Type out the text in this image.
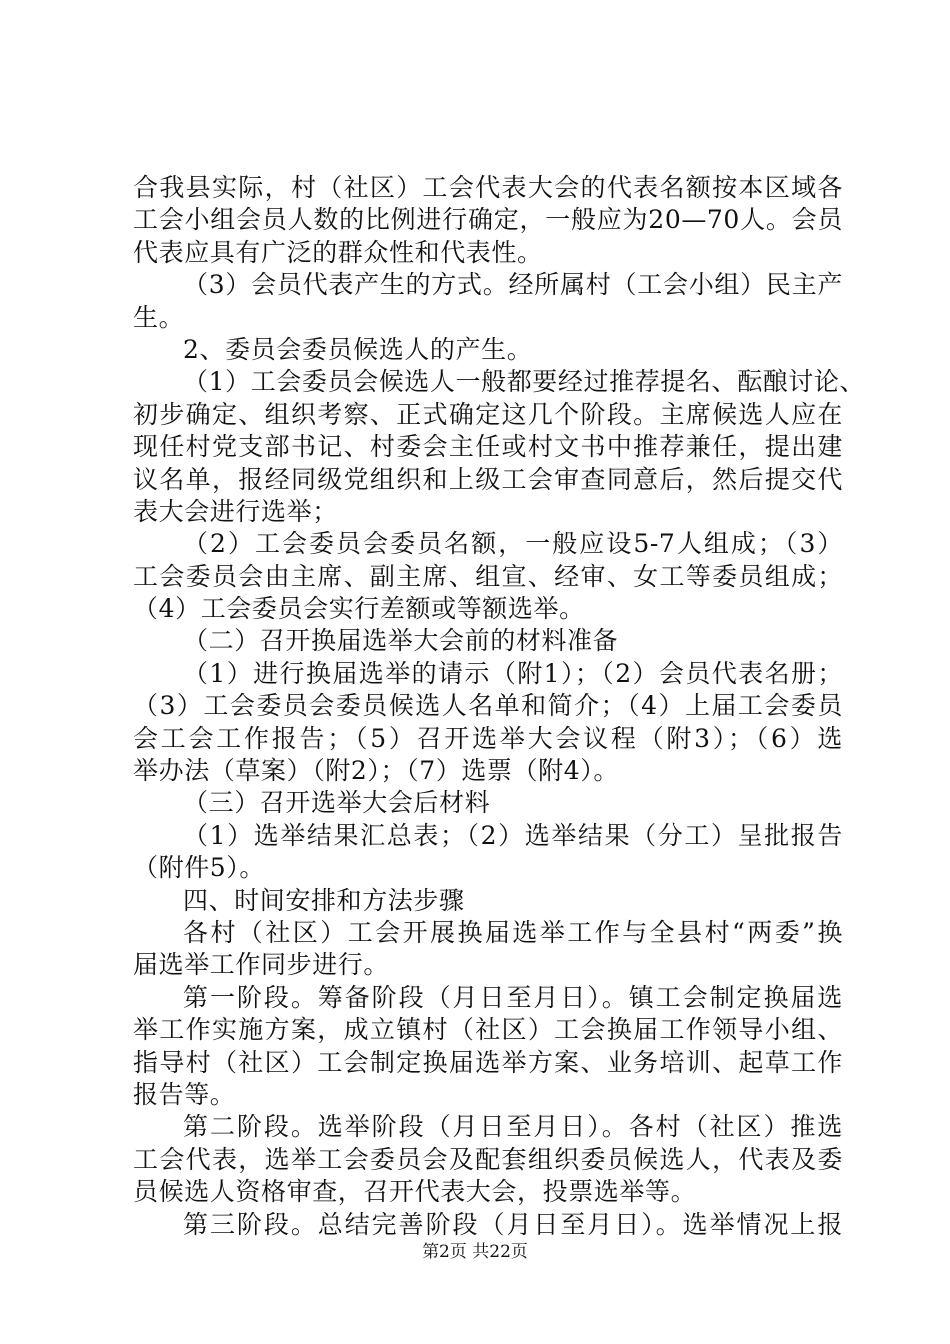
合我县实际，村（社区）工会代表大会的代表名额按本区域各
工会小组会员人数的比例进行确定，一般应为20—70人。会员
代表应具有广泛的群众性和代表性。
（3）会员代表产生的方式。经所属村（工会小组）民主产
生。
2、委员会委员候选人的产生。
（1）工会委员会候选人一般都要经过推荐提名、酝酿讨论、
初步确定、组织考察、正式确定这几个阶段。主席候选人应在
现任村党支部书记、村委会主任或村文书中推荐兼任，提出建
议名单，报经同级党组织和上级工会审查同意后，然后提交代
表大会进行选举；
（2）工会委员会委员名额，一般应设5-7人组成；（3）
工会委员会由主席、副主席、组宣、经审、女工等委员组成；
（4）工会委员会实行差额或等额选举。
（二）召开换届选举大会前的材料准备
（1）进行换届选举的请示（附1）；（2）会员代表名册；
（3）工会委员会委员候选人名单和简介；（4）上届工会委员
会工会工作报告；（5）召开选举大会议程（附3）；（6）选
举办法（草案）（附2）；（7）选票（附4）。
（三）召开选举大会后材料
（1）选举结果汇总表；（2）选举结果（分工）呈批报告
（附件5）。
四、时间安排和方法步骤
各村（社区）工会开展换届选举工作与全县村“两委”换
届选举工作同步进行。
第一阶段。筹备阶段（月日至月日）。镇工会制定换届选
举工作实施方案，成立镇村（社区）工会换届工作领导小组、
指导村（社区）工会制定换届选举方案、业务培训、起草工作
报告等。
第二阶段。选举阶段（月日至月日）。各村（社区）推选
工会代表，选举工会委员会及配套组织委员候选人，代表及委
员候选人资格审查，召开代表大会，投票选举等。
第三阶段。总结完善阶段（月日至月日）。选举情况上报
第2页 共22页
